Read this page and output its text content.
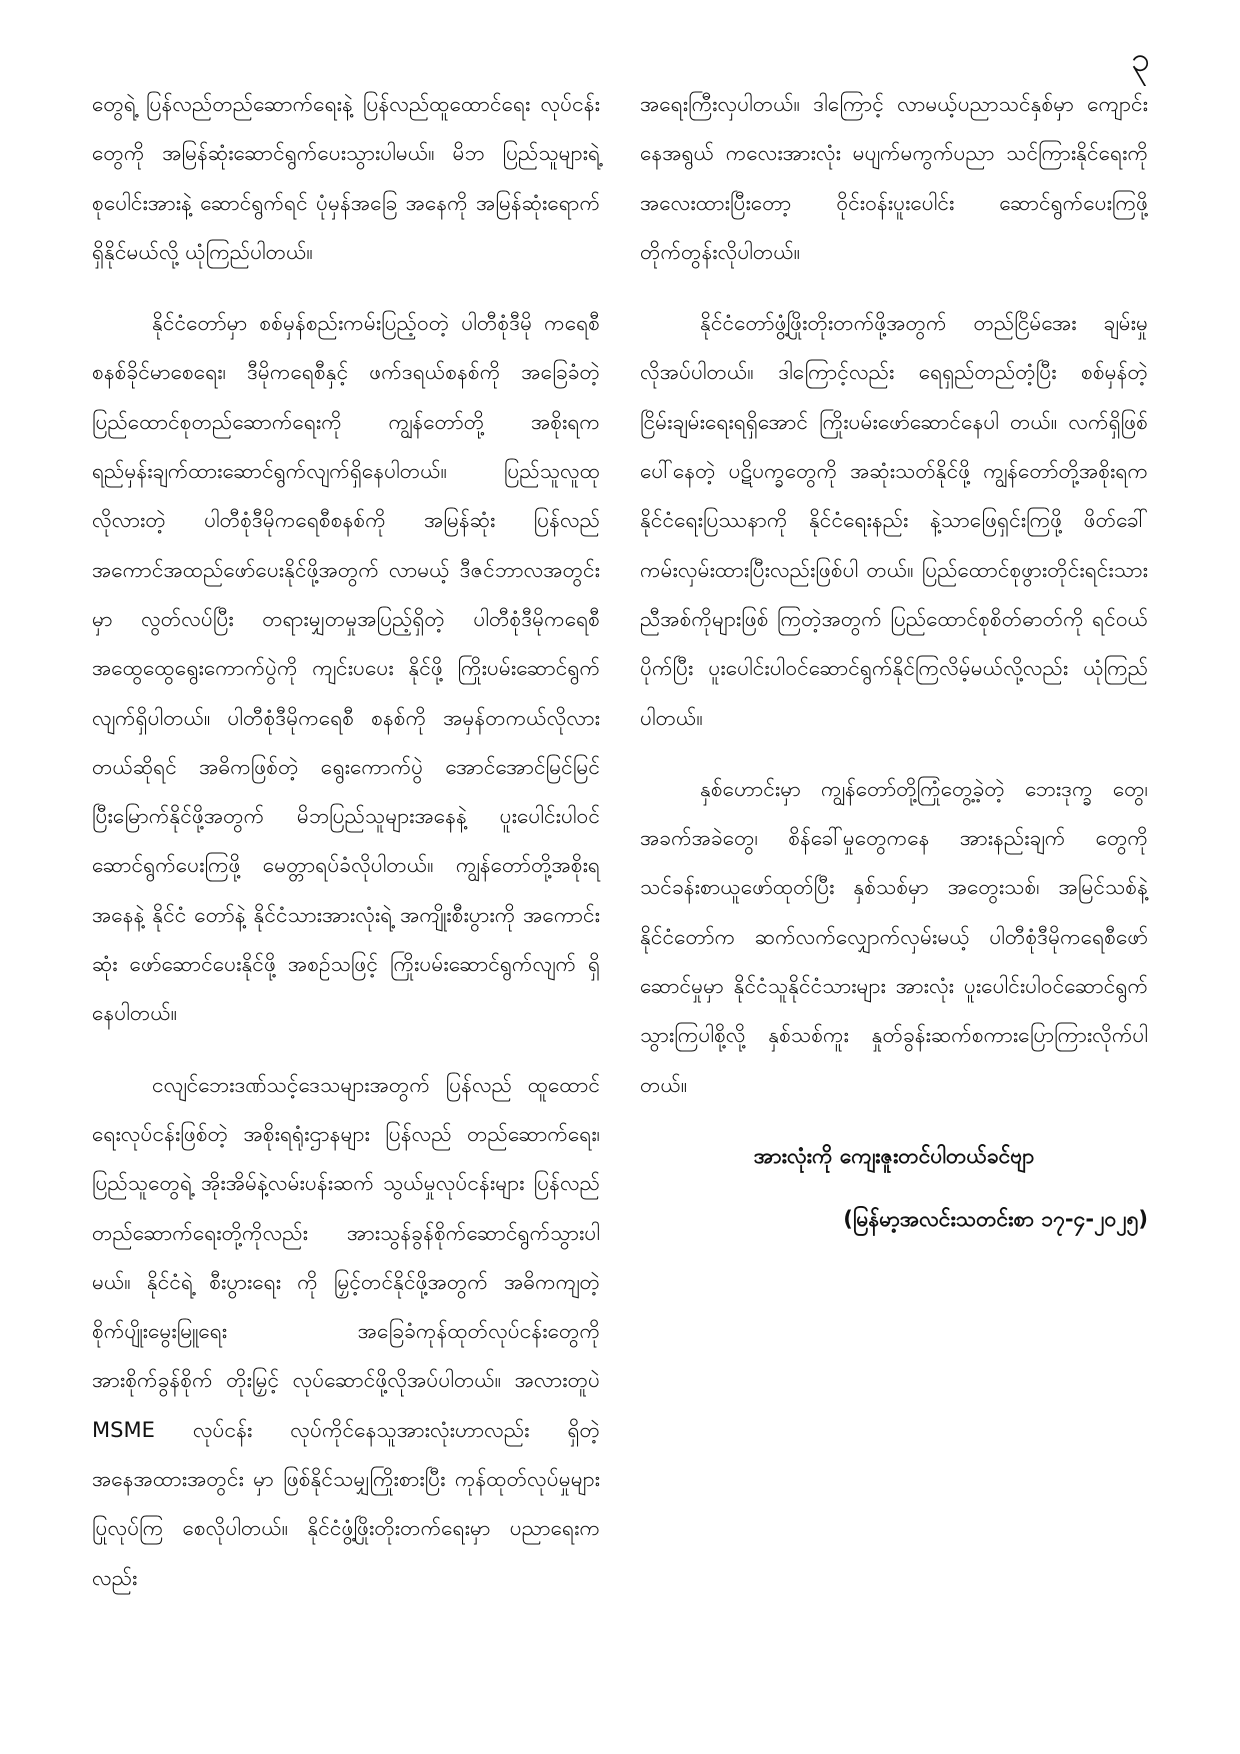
၃

တွေရဲ့ ပြန်လည်တည်ဆောက်ရေးနဲ့ ပြန်လည်ထူထောင်ရေး လုပ်ငန်းတွေကို အမြန်ဆုံးဆောင်ရွက်ပေးသွားပါမယ်။ မိဘ ပြည်သူများရဲ့ စုပေါင်းအားနဲ့ ဆောင်ရွက်ရင် ပုံမှန်အခြေ အနေကို အမြန်ဆုံးရောက်ရှိနိုင်မယ်လို့ ယုံကြည်ပါတယ်။

နိုင်ငံတော်မှာ စစ်မှန်စည်းကမ်းပြည့်ဝတဲ့ ပါတီစုံဒီမို ကရေစီစနစ်ခိုင်မာစေရေး၊ ဒီမိုကရေစီနှင့် ဖက်ဒရယ်စနစ်ကို အခြေခံတဲ့ ပြည်ထောင်စုတည်ဆောက်ရေးကို ကျွန်တော်တို့ အစိုးရက ရည်မှန်းချက်ထားဆောင်ရွက်လျက်ရှိနေပါတယ်။ ပြည်သူလူထုလိုလားတဲ့ ပါတီစုံဒီမိုကရေစီစနစ်ကို အမြန်ဆုံး ပြန်လည်အကောင်အထည်ဖော်ပေးနိုင်ဖို့အတွက် လာမယ့် ဒီဇင်ဘာလအတွင်းမှာ လွတ်လပ်ပြီး တရားမျှတမှုအပြည့်ရှိတဲ့ ပါတီစုံဒီမိုကရေစီအထွေထွေရွေးကောက်ပွဲကို ကျင်းပပေး နိုင်ဖို့ ကြိုးပမ်းဆောင်ရွက်လျက်ရှိပါတယ်။ ပါတီစုံဒီမိုကရေစီ စနစ်ကို အမှန်တကယ်လိုလားတယ်ဆိုရင် အဓိကဖြစ်တဲ့ ရွေးကောက်ပွဲ အောင်အောင်မြင်မြင်ပြီးမြောက်နိုင်ဖို့အတွက် မိဘပြည်သူများအနေနဲ့ ပူးပေါင်းပါဝင်ဆောင်ရွက်ပေးကြဖို့ မေတ္တာရပ်ခံလိုပါတယ်။ ကျွန်တော်တို့အစိုးရအနေနဲ့ နိုင်ငံ တော်နဲ့ နိုင်ငံသားအားလုံးရဲ့ အကျိုးစီးပွားကို အကောင်းဆုံး ဖော်ဆောင်ပေးနိုင်ဖို့ အစဉ်သဖြင့် ကြိုးပမ်းဆောင်ရွက်လျက် ရှိနေပါတယ်။

ငလျင်ဘေးဒဏ်သင့်ဒေသများအတွက် ပြန်လည် ထူထောင်ရေးလုပ်ငန်းဖြစ်တဲ့ အစိုးရရုံးဌာနများ ပြန်လည် တည်ဆောက်ရေး၊ ပြည်သူတွေရဲ့ အိုးအိမ်နဲ့လမ်းပန်းဆက် သွယ်မှုလုပ်ငန်းများ ပြန်လည်တည်ဆောက်ရေးတို့ကိုလည်း အားသွန်ခွန်စိုက်ဆောင်ရွက်သွားပါမယ်။ နိုင်ငံရဲ့ စီးပွားရေး ကို မြှင့်တင်နိုင်ဖို့အတွက် အဓိကကျတဲ့ စိုက်ပျိုးမွေးမြူရေး အခြေခံကုန်ထုတ်လုပ်ငန်းတွေကို အားစိုက်ခွန်စိုက် တိုးမြှင့် လုပ်ဆောင်ဖို့လိုအပ်ပါတယ်။ အလားတူပဲ MSME လုပ်ငန်း လုပ်ကိုင်နေသူအားလုံးဟာလည်း ရှိတဲ့အနေအထားအတွင်း မှာ ဖြစ်နိုင်သမျှကြိုးစားပြီး ကုန်ထုတ်လုပ်မှုများ ပြုလုပ်ကြ စေလိုပါတယ်။ နိုင်ငံဖွံ့ဖြိုးတိုးတက်ရေးမှာ ပညာရေးကလည်း

အရေးကြီးလှပါတယ်။ ဒါကြောင့် လာမယ့်ပညာသင်နှစ်မှာ ကျောင်းနေအရွယ် ကလေးအားလုံး မပျက်မကွက်ပညာ သင်ကြားနိုင်ရေးကို အလေးထားပြီးတော့ ဝိုင်းဝန်းပူးပေါင်း ဆောင်ရွက်ပေးကြဖို့ တိုက်တွန်းလိုပါတယ်။

နိုင်ငံတော်ဖွံ့ဖြိုးတိုးတက်ဖို့အတွက် တည်ငြိမ်အေး ချမ်းမှုလိုအပ်ပါတယ်။ ဒါကြောင့်လည်း ရေရှည်တည်တံ့ပြီး စစ်မှန်တဲ့ ငြိမ်းချမ်းရေးရရှိအောင် ကြိုးပမ်းဖော်ဆောင်နေပါ တယ်။ လက်ရှိဖြစ်ပေါ်နေတဲ့ ပဋိပက္ခတွေကို အဆုံးသတ်နိုင်ဖို့ ကျွန်တော်တို့အစိုးရက နိုင်ငံရေးပြဿနာကို နိုင်ငံရေးနည်း နဲ့သာဖြေရှင်းကြဖို့ ဖိတ်ခေါ်ကမ်းလှမ်းထားပြီးလည်းဖြစ်ပါ တယ်။ ပြည်ထောင်စုဖွားတိုင်းရင်းသား ညီအစ်ကိုများဖြစ် ကြတဲ့အတွက် ပြည်ထောင်စုစိတ်ဓာတ်ကို ရင်ဝယ်ပိုက်ပြီး ပူးပေါင်းပါဝင်ဆောင်ရွက်နိုင်ကြလိမ့်မယ်လို့လည်း ယုံကြည် ပါတယ်။

နှစ်ဟောင်းမှာ ကျွန်တော်တို့ကြုံတွေ့ခဲ့တဲ့ ဘေးဒုက္ခ တွေ၊ အခက်အခဲတွေ၊ စိန်ခေါ်မှုတွေကနေ အားနည်းချက် တွေကို သင်ခန်းစာယူဖော်ထုတ်ပြီး နှစ်သစ်မှာ အတွေးသစ်၊ အမြင်သစ်နဲ့ နိုင်ငံတော်က ဆက်လက်လျှောက်လှမ်းမယ့် ပါတီစုံဒီမိုကရေစီဖော်ဆောင်မှုမှာ နိုင်ငံသူနိုင်ငံသားများ အားလုံး ပူးပေါင်းပါဝင်ဆောင်ရွက်သွားကြပါစို့လို့ နှစ်သစ်ကူး နှုတ်ခွန်းဆက်စကားပြောကြားလိုက်ပါတယ်။

အားလုံးကို ကျေးဇူးတင်ပါတယ်ခင်ဗျာ
(မြန်မာ့အလင်းသတင်းစာ ၁၇-၄-၂၀၂၅)
